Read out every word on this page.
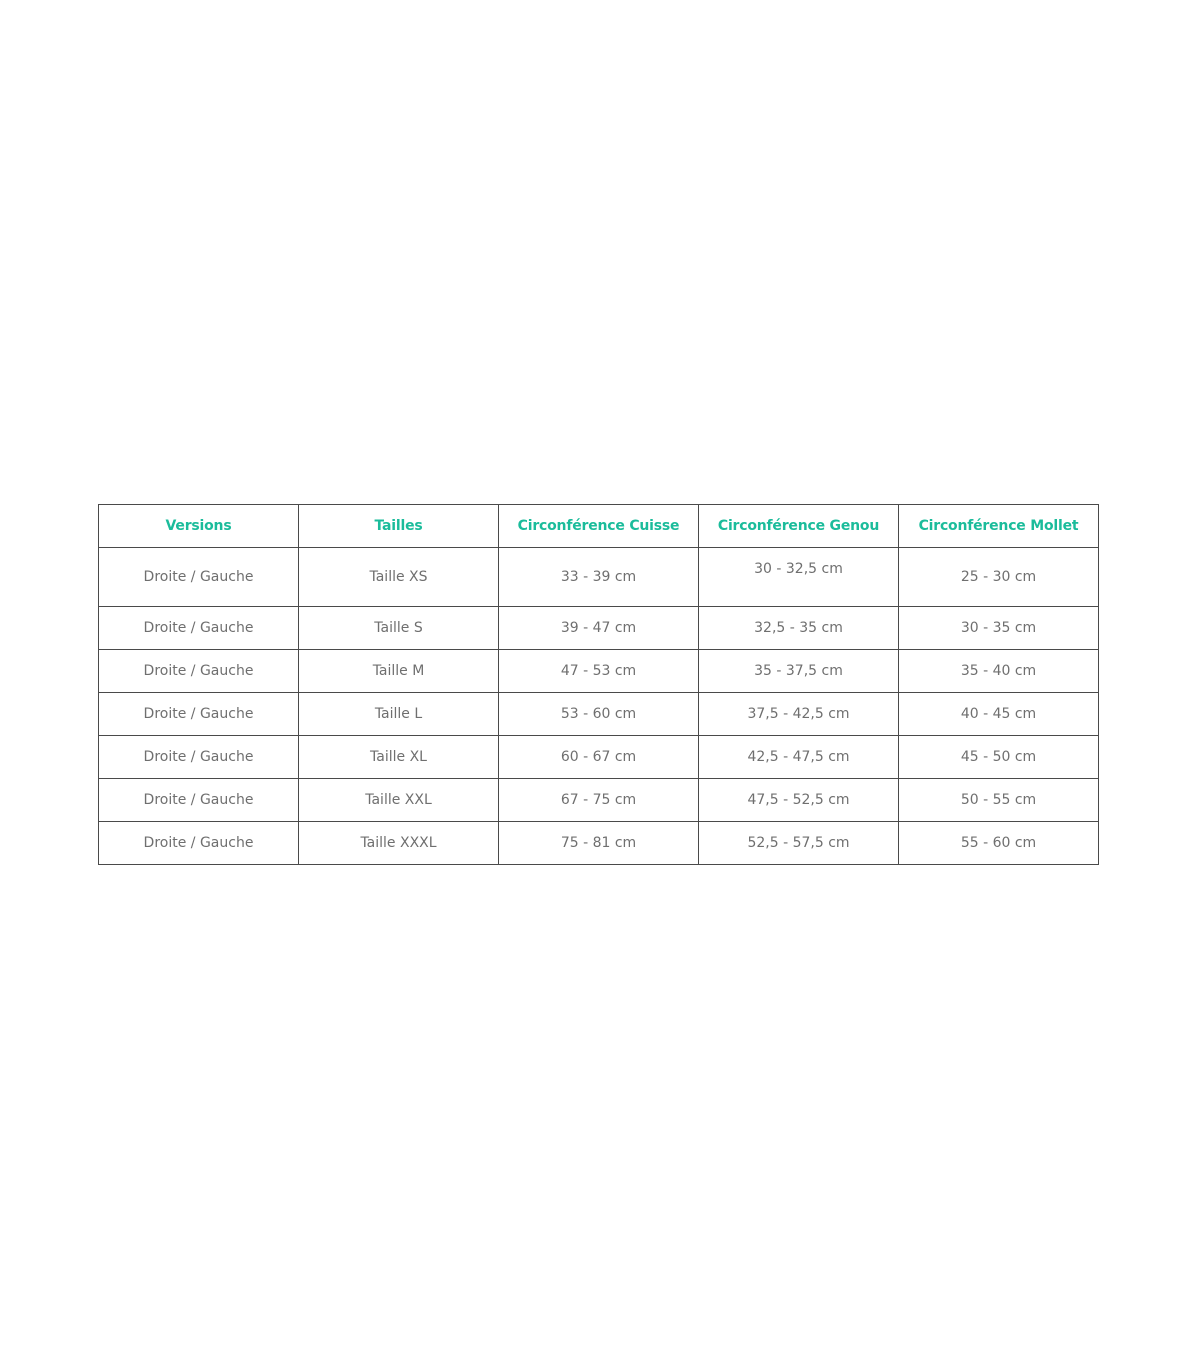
Versions	Tailles	Circonférence Cuisse	Circonférence Genou	Circonférence Mollet
Droite / Gauche	Taille XS	33 - 39 cm	30 - 32,5 cm	25 - 30 cm
Droite / Gauche	Taille S	39 - 47 cm	32,5 - 35 cm	30 - 35 cm
Droite / Gauche	Taille M	47 - 53 cm	35 - 37,5 cm	35 - 40 cm
Droite / Gauche	Taille L	53 - 60 cm	37,5 - 42,5 cm	40 - 45 cm
Droite / Gauche	Taille XL	60 - 67 cm	42,5 - 47,5 cm	45 - 50 cm
Droite / Gauche	Taille XXL	67 - 75 cm	47,5 - 52,5 cm	50 - 55 cm
Droite / Gauche	Taille XXXL	75 - 81 cm	52,5 - 57,5 cm	55 - 60 cm
